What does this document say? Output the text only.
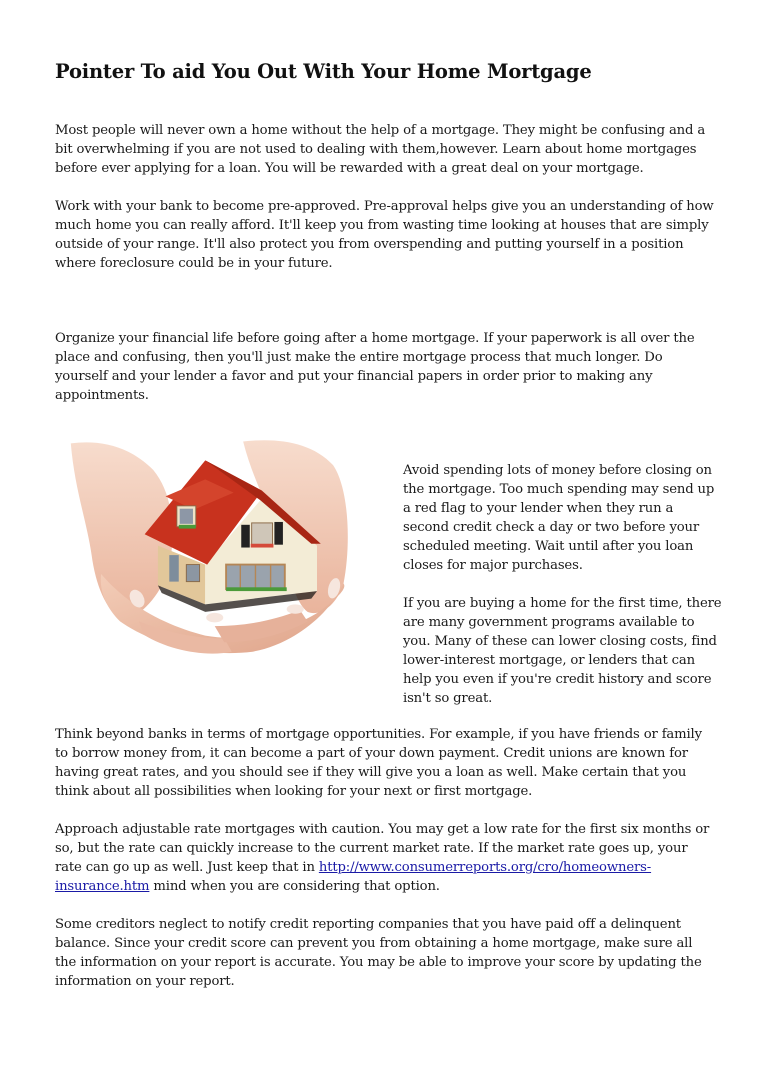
Pointer To aid You Out With Your Home Mortgage

Most people will never own a home without the help of a mortgage. They might be confusing and a bit overwhelming if you are not used to dealing with them,however. Learn about home mortgages before ever applying for a loan. You will be rewarded with a great deal on your mortgage.

Work with your bank to become pre-approved. Pre-approval helps give you an understanding of how much home you can really afford. It'll keep you from wasting time looking at houses that are simply outside of your range. It'll also protect you from overspending and putting yourself in a position where foreclosure could be in your future.

Organize your financial life before going after a home mortgage. If your paperwork is all over the place and confusing, then you'll just make the entire mortgage process that much longer. Do yourself and your lender a favor and put your financial papers in order prior to making any appointments.

Avoid spending lots of money before closing on the mortgage. Too much spending may send up a red flag to your lender when they run a second credit check a day or two before your scheduled meeting. Wait until after you loan closes for major purchases.

If you are buying a home for the first time, there are many government programs available to you. Many of these can lower closing costs, find lower-interest mortgage, or lenders that can help you even if you're credit history and score isn't so great.

Think beyond banks in terms of mortgage opportunities. For example, if you have friends or family to borrow money from, it can become a part of your down payment. Credit unions are known for having great rates, and you should see if they will give you a loan as well. Make certain that you think about all possibilities when looking for your next or first mortgage.

Approach adjustable rate mortgages with caution. You may get a low rate for the first six months or so, but the rate can quickly increase to the current market rate. If the market rate goes up, your rate can go up as well. Just keep that in http://www.consumerreports.org/cro/homeowners-insurance.htm mind when you are considering that option.

Some creditors neglect to notify credit reporting companies that you have paid off a delinquent balance. Since your credit score can prevent you from obtaining a home mortgage, make sure all the information on your report is accurate. You may be able to improve your score by updating the information on your report.
